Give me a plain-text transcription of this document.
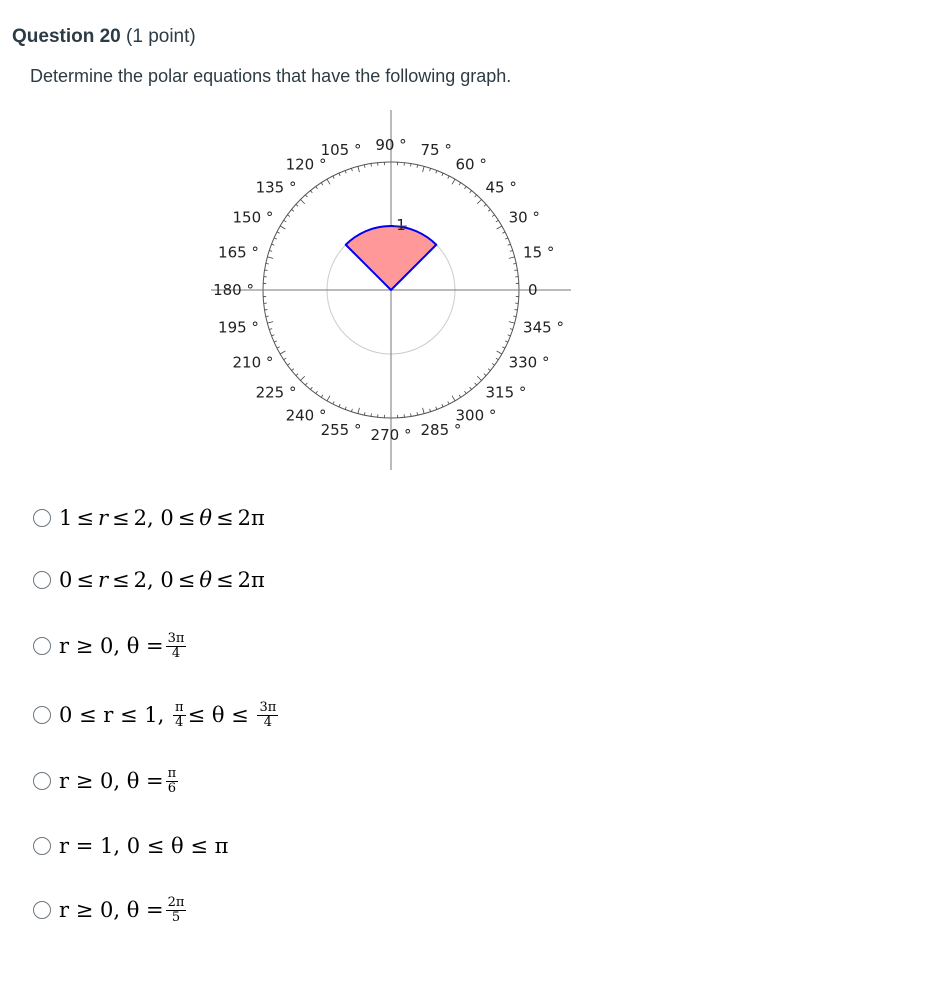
Question 20 (1 point)
Determine the polar equations that have the following graph.
1
0
15 °
30 °
45 °
60 °
75 °
90 °
105 °
120 °
135 °
150 °
165 °
180 °
195 °
210 °
225 °
240 °
255 ° 270 ° 285 °
300 °
315 °
330 °
345 °
1 ≤ r ≤ 2,
0 ≤ θ ≤ 2π
0 ≤ r ≤ 2,
0 ≤ θ ≤ 2π
r ≥ 0, $\theta = \frac{3\pi}{4}$
0 ≤ r ≤ 1,
$\frac{\pi}{4} \le \theta$ ≤
$\frac{3\pi}{4}$
r ≥ 0, $\theta = \frac{\pi}{6}$
r = 1, 0 ≤ θ ≤ π
r ≥ 0, $\theta = \frac{2\pi}{5}$
